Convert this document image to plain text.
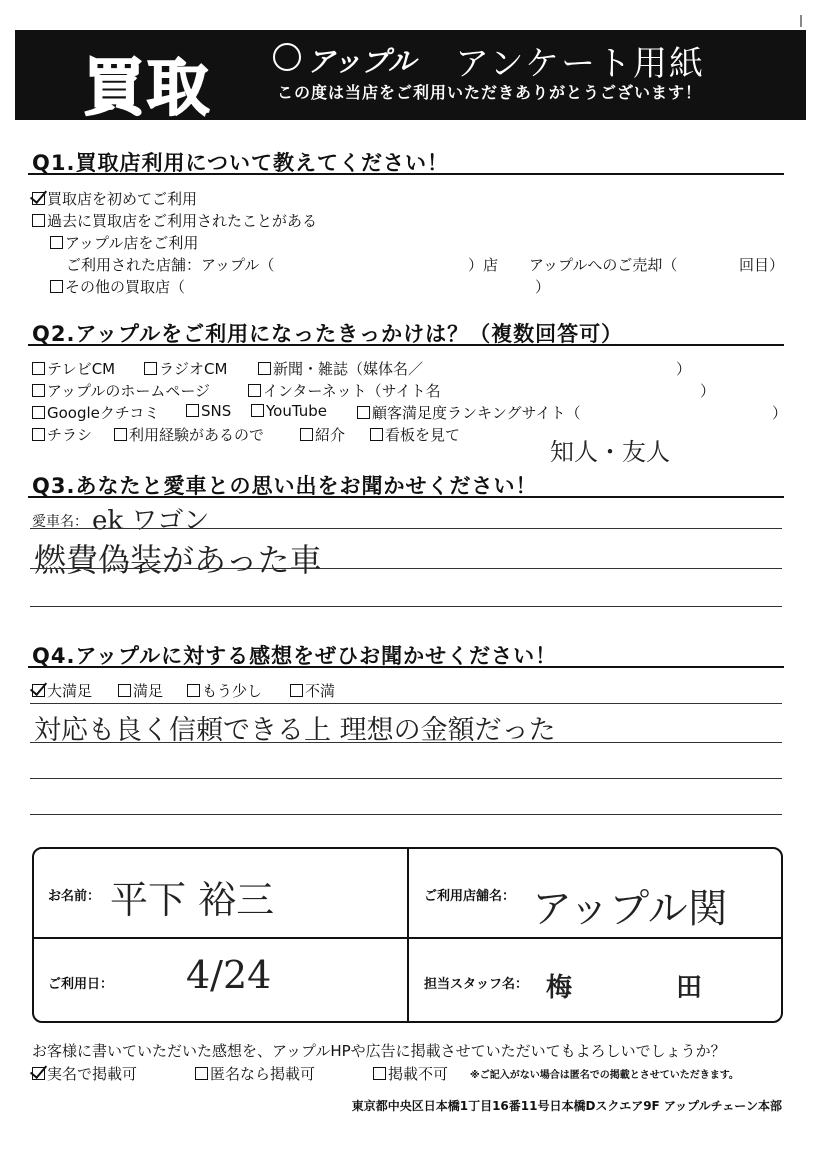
買取	アップル アンケート用紙
この度は当店をご利用いただきありがとうございます！
Q1.買取店利用について教えてください！
買取店を初めてご利用
過去に買取店をご利用されたことがある
アップル店をご利用
ご利用された店舗：アップル（	）店 アップルへのご売却（	回目）
その他の買取店（	）
Q2.アップルをご利用になったきっかけは？（複数回答可）
テレビCM	ラジオCM	新聞・雑誌（媒体名／	）
アップルのホームページ	インターネット（サイト名	）
Googleクチコミ	SNS	YouTube	顧客満足度ランキングサイト（	）
チラシ	利用経験があるので	紹介	看板を見て
知人・友人
Q3.あなたと愛車との思い出をお聞かせください！
愛車名： ek ワゴン
燃費偽装があった車
Q4.アップルに対する感想をぜひお聞かせください！
大満足	満足	もう少し	不満
対応も良く信頼できる上 理想の金額だった
お名前： 平下 裕三	ご利用店舗名： アップル関
ご利用日： 4/24	担当スタッフ名： 梅　　　　田
お客様に書いていただいた感想を、アップルHPや広告に掲載させていただいてもよろしいでしょうか？
実名で掲載可	匿名なら掲載可	掲載不可 ※ご記入がない場合は匿名での掲載とさせていただきます。
東京都中央区日本橋1丁目16番11号日本橋Dスクエア9F アップルチェーン本部
